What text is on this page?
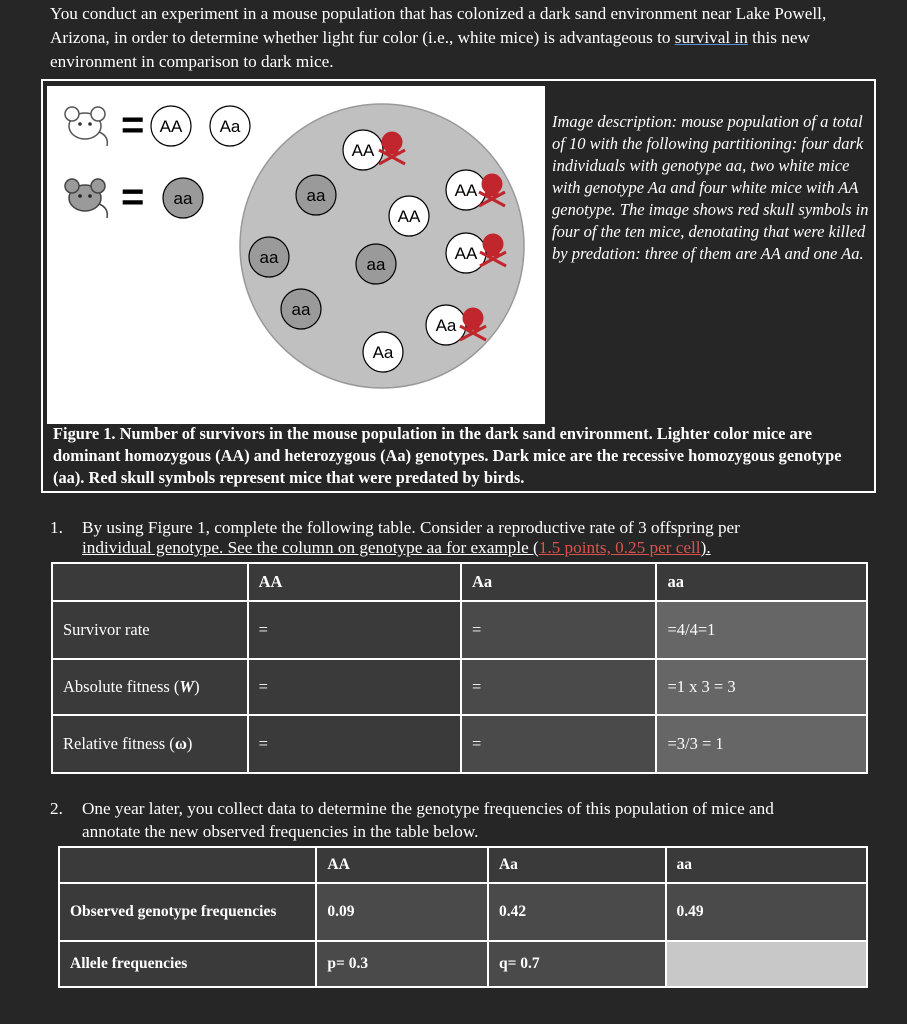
You conduct an experiment in a mouse population that has colonized a dark sand environment near Lake Powell, Arizona, in order to determine whether light fur color (i.e., white mice) is advantageous to survival in this new environment in comparison to dark mice.
= AA Aa
= aa
AA
aa	AA
AA
AA
aa	aa
aa
Aa
Aa
Image description: mouse population of a total of 10 with the following partitioning: four dark individuals with genotype aa, two white mice with genotype Aa and four white mice with AA genotype. The image shows red skull symbols in four of the ten mice, denotating that were killed by predation: three of them are AA and one Aa.
Figure 1. Number of survivors in the mouse population in the dark sand environment. Lighter color mice are dominant homozygous (AA) and heterozygous (Aa) genotypes. Dark mice are the recessive homozygous genotype (aa). Red skull symbols represent mice that were predated by birds.
1. By using Figure 1, complete the following table. Consider a reproductive rate of 3 offspring per
individual genotype. See the column on genotype aa for example (1.5 points, 0.25 per cell).
	AA	Aa	aa
Survivor rate	=	=	=4/4=1
Absolute fitness (W)	=	=	=1 x 3 = 3
Relative fitness (ω)	=	=	=3/3 = 1
2. One year later, you collect data to determine the genotype frequencies of this population of mice and
annotate the new observed frequencies in the table below.
	AA	Aa	aa
Observed genotype frequencies	0.09	0.42	0.49
Allele frequencies	p= 0.3	q= 0.7	
